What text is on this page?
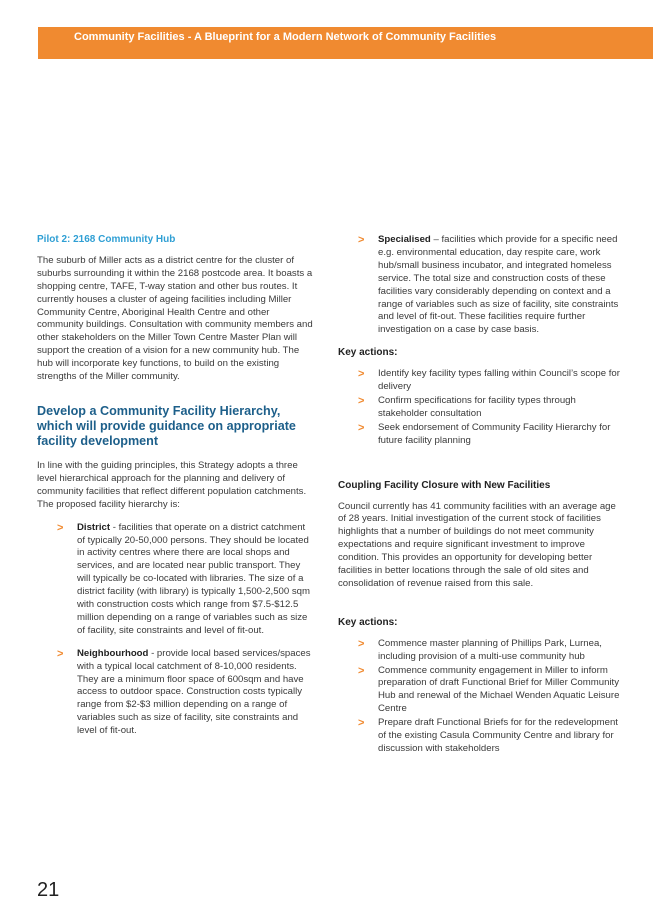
Community Facilities - A Blueprint for a Modern Network of Community Facilities

Pilot 2: 2168 Community Hub

The suburb of Miller acts as a district centre for the cluster of suburbs surrounding it within the 2168 postcode area. It boasts a shopping centre, TAFE, T-way station and other bus routes. It currently houses a cluster of ageing facilities including Miller Community Centre, Aboriginal Health Centre and other community buildings. Consultation with community members and other stakeholders on the Miller Town Centre Master Plan will support the creation of a vision for a new community hub. The hub will incorporate key functions, to build on the existing strengths of the Miller community.

Develop a Community Facility Hierarchy, which will provide guidance on appropriate facility development

In line with the guiding principles, this Strategy adopts a three level hierarchical approach for the planning and delivery of community facilities that reflect different population catchments. The proposed facility hierarchy is:

> District - facilities that operate on a district catchment of typically 20-50,000 persons. They should be located in activity centres where there are local shops and services, and are located near public transport. They will typically be co-located with libraries. The size of a district facility (with library) is typically 1,500-2,500 sqm with construction costs which range from $7.5-$12.5 million depending on a range of variables such as size of facility, site constraints and level of fit-out.
> Neighbourhood - provide local based services/spaces with a typical local catchment of 8-10,000 residents. They are a minimum floor space of 600sqm and have access to outdoor space. Construction costs typically range from $2-$3 million depending on a range of variables such as size of facility, site constraints and level of fit-out.
> Specialised – facilities which provide for a specific need e.g. environmental education, day respite care, work hub/small business incubator, and integrated homeless service. The total size and construction costs of these facilities vary considerably depending on context and a range of variables such as size of facility, site constraints and level of fit-out. These facilities require further investigation on a case by case basis.

Key actions:

> Identify key facility types falling within Council’s scope for delivery
> Confirm specifications for facility types through stakeholder consultation
> Seek endorsement of Community Facility Hierarchy for future facility planning

Coupling Facility Closure with New Facilities

Council currently has 41 community facilities with an average age of 28 years. Initial investigation of the current stock of facilities highlights that a number of buildings do not meet community expectations and require significant investment to improve condition. This provides an opportunity for developing better facilities in better locations through the sale of old sites and consolidation of revenue raised from this sale.

Key actions:

> Commence master planning of Phillips Park, Lurnea, including provision of a multi-use community hub
> Commence community engagement in Miller to inform preparation of draft Functional Brief for Miller Community Hub and renewal of the Michael Wenden Aquatic Leisure Centre
> Prepare draft Functional Briefs for for the redevelopment of the existing Casula Community Centre and library for discussion with stakeholders
21
